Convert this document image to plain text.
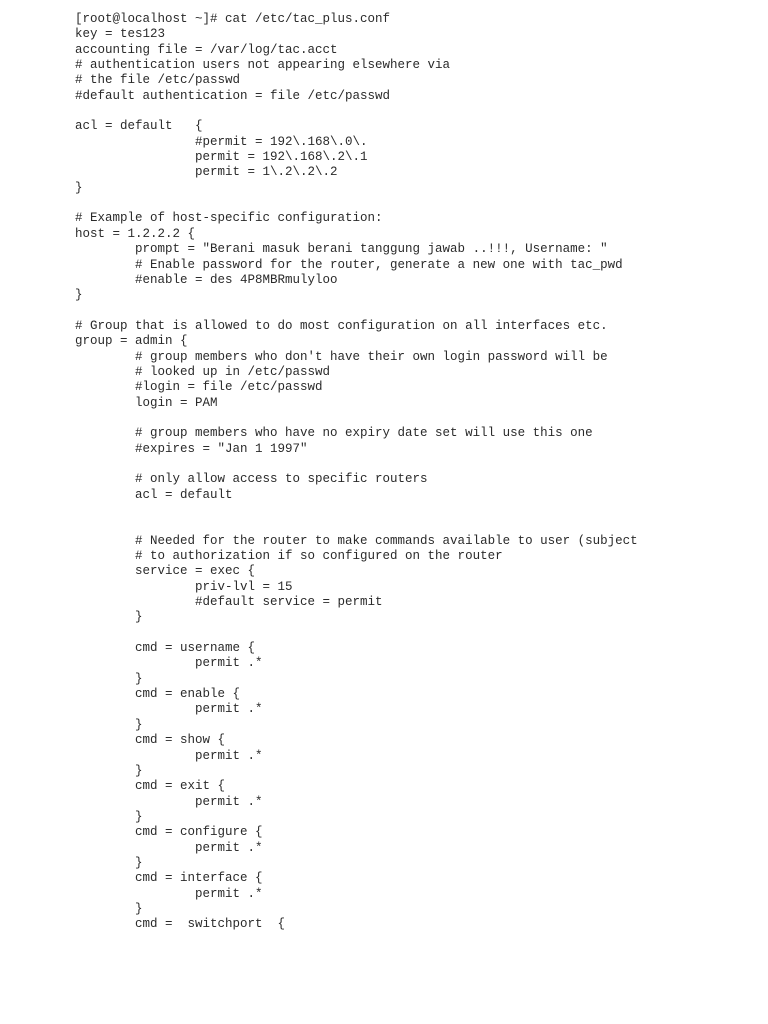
[root@localhost ~]# cat /etc/tac_plus.conf
key = tes123
accounting file = /var/log/tac.acct
# authentication users not appearing elsewhere via
# the file /etc/passwd
#default authentication = file /etc/passwd
acl = default   {
#permit = 192\.168\.0\.
permit = 192\.168\.2\.1
permit = 1\.2\.2\.2
}
# Example of host-specific configuration:
host = 1.2.2.2 {
prompt = "Berani masuk berani tanggung jawab ..!!!, Username: "
# Enable password for the router, generate a new one with tac_pwd
#enable = des 4P8MBRmulyloo
}
# Group that is allowed to do most configuration on all interfaces etc.
group = admin {
# group members who don't have their own login password will be
# looked up in /etc/passwd
#login = file /etc/passwd
login = PAM
# group members who have no expiry date set will use this one
#expires = "Jan 1 1997"
# only allow access to specific routers
acl = default
# Needed for the router to make commands available to user (subject
# to authorization if so configured on the router
service = exec {
priv-lvl = 15
#default service = permit
}
cmd = username {
permit .*
}
cmd = enable {
permit .*
}
cmd = show {
permit .*
}
cmd = exit {
permit .*
}
cmd = configure {
permit .*
}
cmd = interface {
permit .*
}
cmd =  switchport  {
